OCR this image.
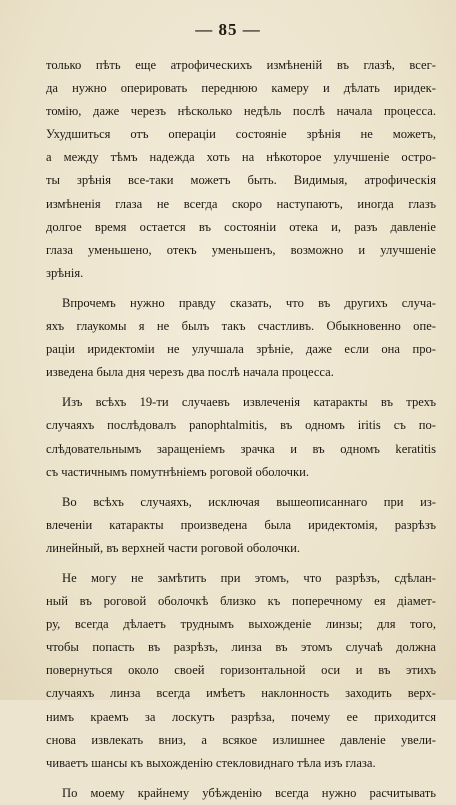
— 85 —
только пѣть еще атрофическихъ измѣненій въ глазѣ, всег-
да нужно оперировать переднюю камеру и дѣлать иридек-
томію, даже черезъ нѣсколько недѣль послѣ начала процесса.
Ухудшиться отъ операціи состояніе зрѣнія не можетъ,
а между тѣмъ надежда хоть на нѣкоторое улучшеніе остро-
ты зрѣнія все-таки можетъ быть. Видимыя, атрофическія
измѣненія глаза не всегда скоро наступаютъ, иногда глазъ
долгое время остается въ состояніи отека и, разъ давленіе
глаза уменьшено, отекъ уменьшенъ, возможно и улучшеніе
зрѣнія.
Впрочемъ нужно правду сказать, что въ другихъ случа-
яхъ глаукомы я не былъ такъ счастливъ. Обыкновенно опе-
раціи иридектоміи не улучшала зрѣніе, даже если она про-
изведена была дня черезъ два послѣ начала процесса.
Изъ всѣхъ 19-ти случаевъ извлеченія катаракты въ трехъ
случаяхъ послѣдовалъ panophtalmitis, въ одномъ iritis съ по-
слѣдовательнымъ заращеніемъ зрачка и въ одномъ keratitis
съ частичнымъ помутнѣніемъ роговой оболочки.
Во всѣхъ случаяхъ, исключая вышеописаннаго при из-
влеченіи катаракты произведена была иридектомія, разрѣзъ
линейный, въ верхней части роговой оболочки.
Не могу не замѣтить при этомъ, что разрѣзъ, сдѣлан-
ный въ роговой оболочкѣ близко къ поперечному ея діамет-
ру, всегда дѣлаетъ труднымъ выхожденіе линзы; для того,
чтобы попасть въ разрѣзъ, линза въ этомъ случаѣ должна
повернуться около своей горизонтальной оси и въ этихъ
случаяхъ линза всегда имѣетъ наклонность заходить верх-
нимъ краемъ за лоскутъ разрѣза, почему ее приходится
снова извлекать вниз, а всякое излишнее давленіе увели-
чиваетъ шансы къ выхожденію стекловиднаго тѣла изъ глаза.
По моему крайнему убѣжденію всегда нужно расчитывать
